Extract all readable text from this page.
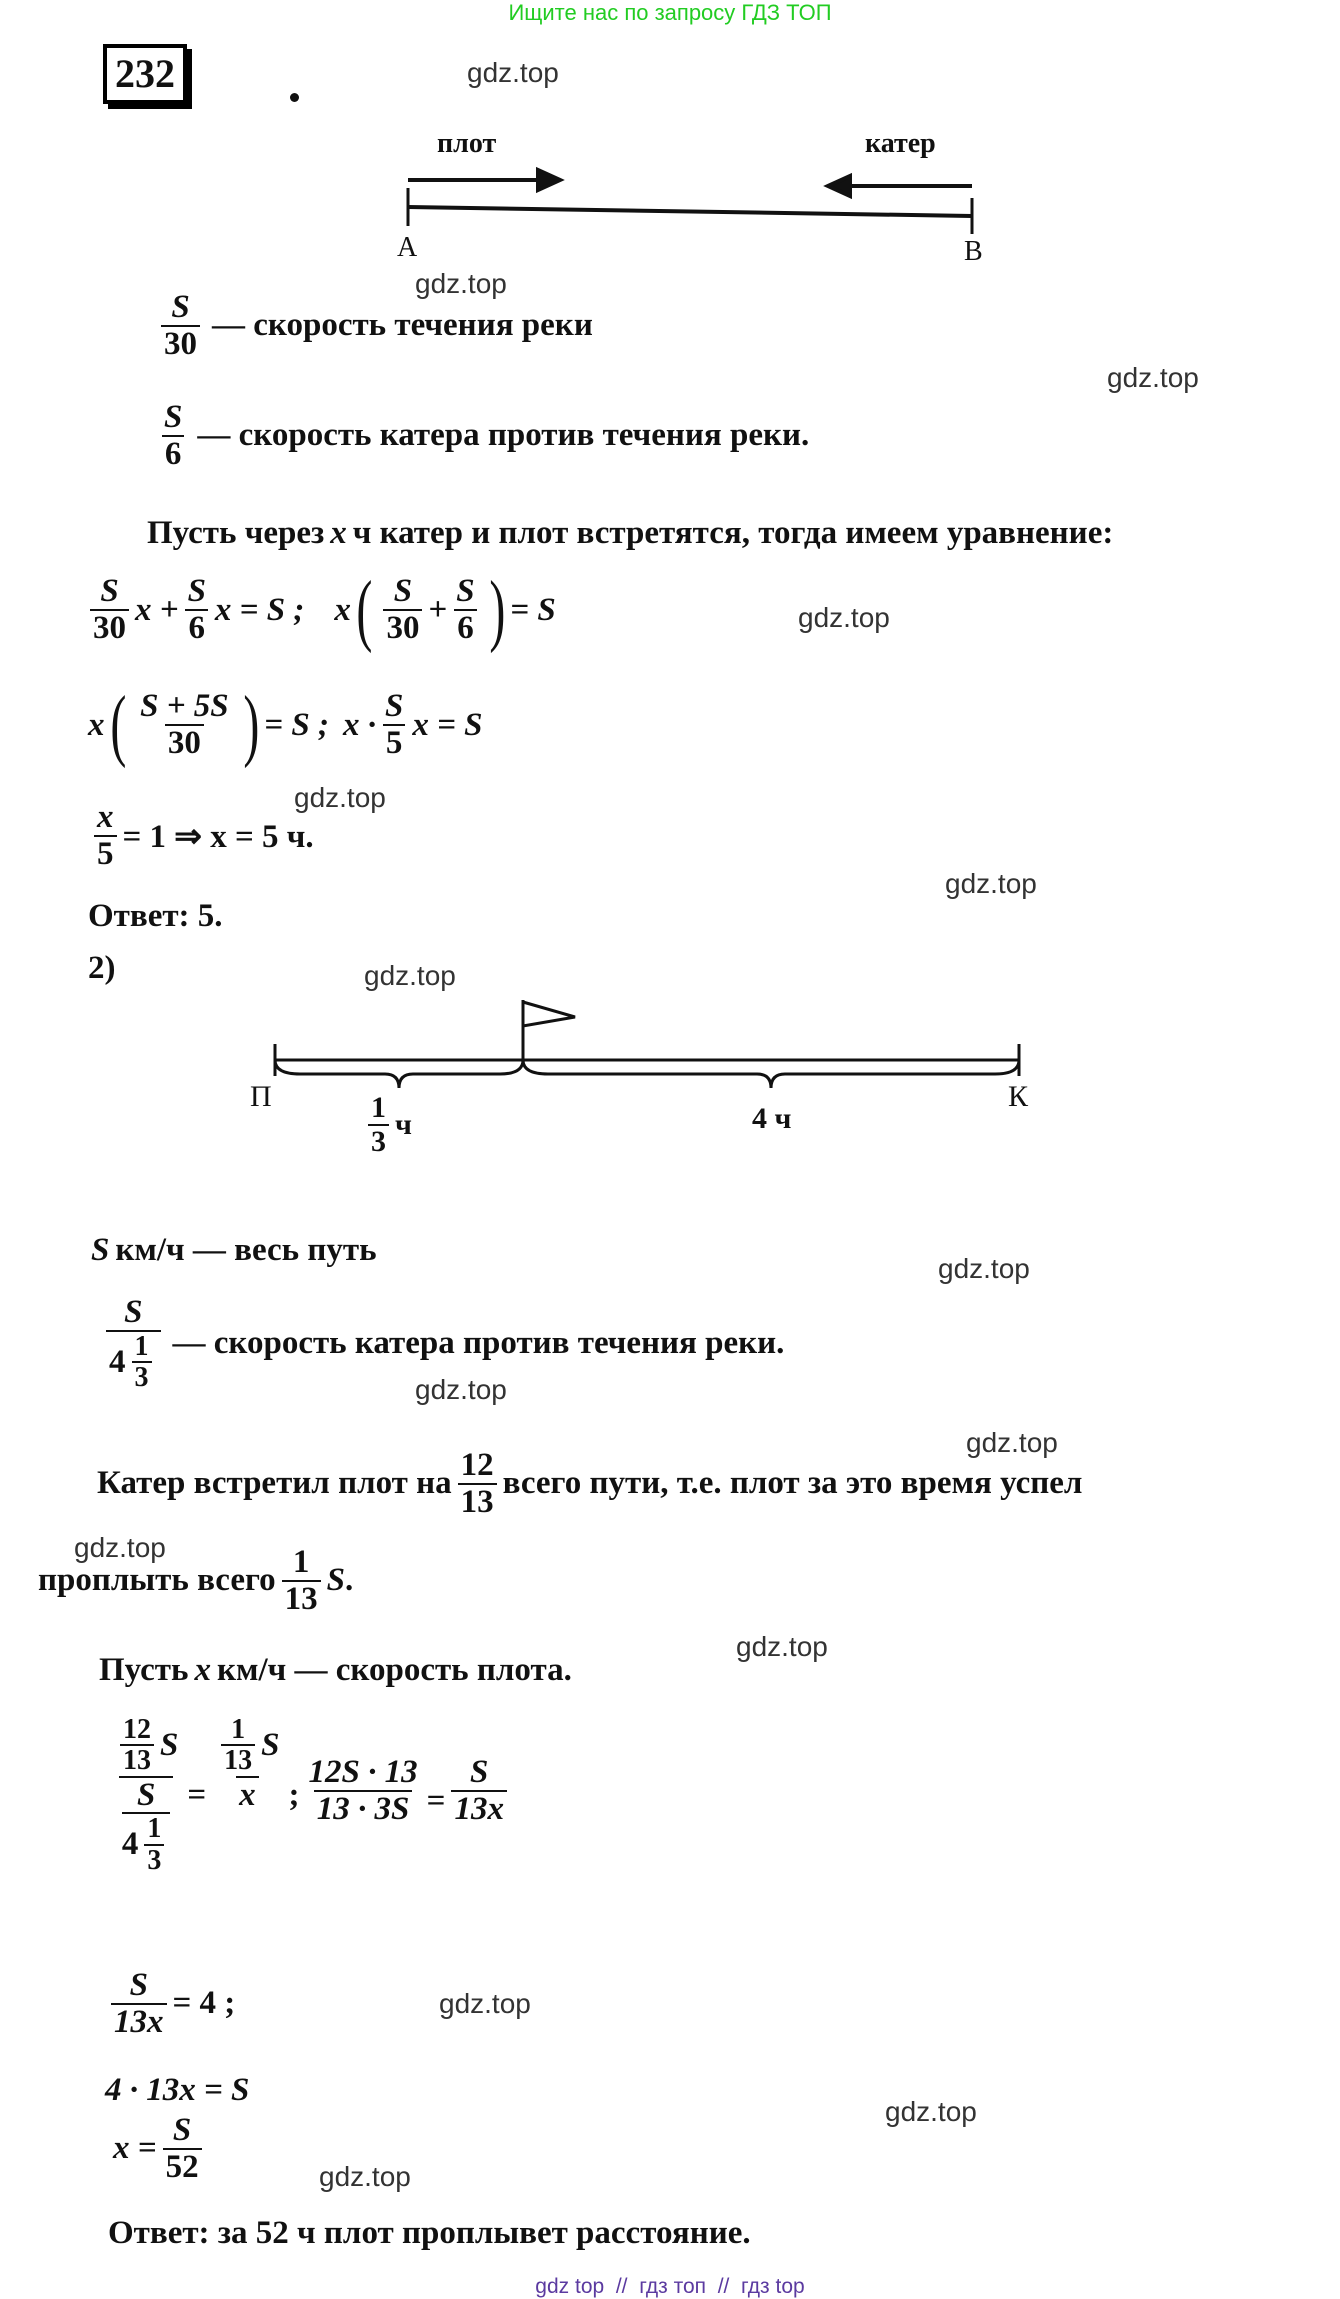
Ищите нас по запросу ГДЗ ТОП
232	gdz.top
gdz.top
gdz.top
gdz.top
gdz.top
gdz.top
gdz.top
gdz.top
gdz.top
gdz.top
gdz.top
gdz.top
gdz.top
gdz.top
gdz.top
плот	катер
A	B
$\frac{S}{30}$ — скорость течения реки
$\frac{S}{6}$ — скорость катера против течения реки.
Пусть через x ч катер и плот встретятся, тогда имеем уравнение:
$\frac{S}{30}$ $x + \frac{S}{6}$ x = S ; x ( $\frac{S}{30} + \frac{S}{6}$ ) = S
x ( $\frac{S + 5S}{30}$ ) = S ; $x \cdot \frac{S}{5}$ x = S
$\frac{x}{5} = 1$ ⇒ x = 5 ч.
Ответ: 5.
2)
П	К
$\frac{1}{3}$ ч	4 ч
S км/ч — весь путь
$\frac{S}{4 \frac{1}{3}}$ — скорость катера против течения реки.
Катер встретил плот на $\frac{12}{13}$ всего пути, т.е. плот за это время успел
проплыть всего $\frac{1}{13}$ S .
Пусть x км/ч — скорость плота.
$\frac{12}{13}$ S
S
$4 \frac{1}{3} = \frac{\frac{1}{13} S}{x}$ ; $\frac{12S \cdot 13}{13 \cdot 3S} = \frac{S}{13x}$
$\frac{S}{13x} = 4$ ;
4 · 13x = S
$x = \frac{S}{52}$
Ответ: за 52 ч плот проплывет расстояние.
gdz top  //  гдз топ  //  гдз top
